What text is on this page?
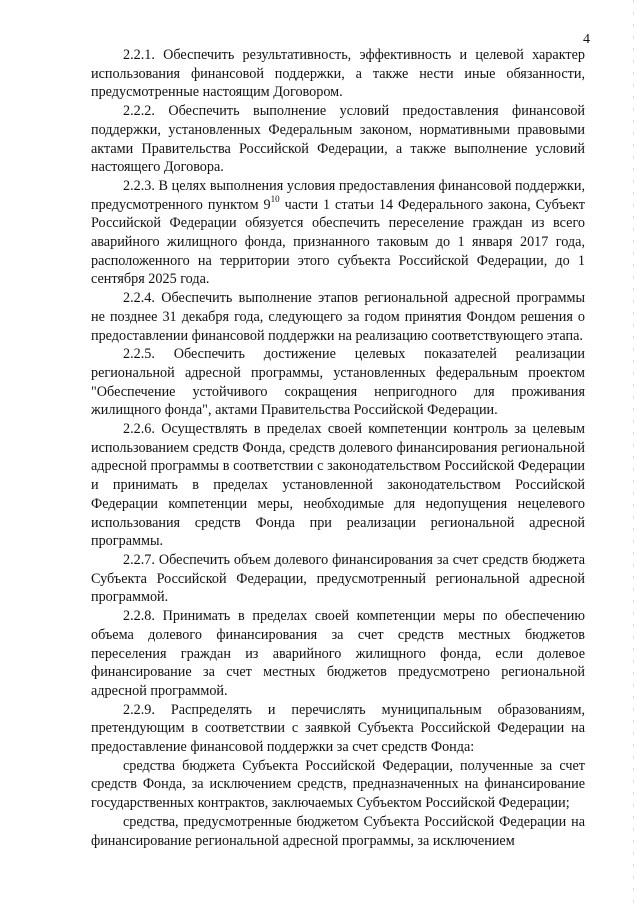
4

2.2.1. Обеспечить результативность, эффективность и целевой характер использования финансовой поддержки, а также нести иные обязанности, предусмотренные настоящим Договором.

2.2.2. Обеспечить выполнение условий предоставления финансовой поддержки, установленных Федеральным законом, нормативными правовыми актами Правительства Российской Федерации, а также выполнение условий настоящего Договора.

2.2.3. В целях выполнения условия предоставления финансовой поддержки, предусмотренного пунктом $9^{10}$ части 1 статьи 14 Федерального закона, Субъект Российской Федерации обязуется обеспечить переселение граждан из всего аварийного жилищного фонда, признанного таковым до 1 января 2017 года, расположенного на территории этого субъекта Российской Федерации, до 1 сентября 2025 года.

2.2.4. Обеспечить выполнение этапов региональной адресной программы не позднее 31 декабря года, следующего за годом принятия Фондом решения о предоставлении финансовой поддержки на реализацию соответствующего этапа.

2.2.5. Обеспечить достижение целевых показателей реализации региональной адресной программы, установленных федеральным проектом "Обеспечение устойчивого сокращения непригодного для проживания жилищного фонда", актами Правительства Российской Федерации.

2.2.6. Осуществлять в пределах своей компетенции контроль за целевым использованием средств Фонда, средств долевого финансирования региональной адресной программы в соответствии с законодательством Российской Федерации и принимать в пределах установленной законодательством Российской Федерации компетенции меры, необходимые для недопущения нецелевого использования средств Фонда при реализации региональной адресной программы.

2.2.7. Обеспечить объем долевого финансирования за счет средств бюджета Субъекта Российской Федерации, предусмотренный региональной адресной программой.

2.2.8. Принимать в пределах своей компетенции меры по обеспечению объема долевого финансирования за счет средств местных бюджетов переселения граждан из аварийного жилищного фонда, если долевое финансирование за счет местных бюджетов предусмотрено региональной адресной программой.

2.2.9. Распределять и перечислять муниципальным образованиям, претендующим в соответствии с заявкой Субъекта Российской Федерации на предоставление финансовой поддержки за счет средств Фонда:

средства бюджета Субъекта Российской Федерации, полученные за счет средств Фонда, за исключением средств, предназначенных на финансирование государственных контрактов, заключаемых Субъектом Российской Федерации;

средства, предусмотренные бюджетом Субъекта Российской Федерации на финансирование региональной адресной программы, за исключением
